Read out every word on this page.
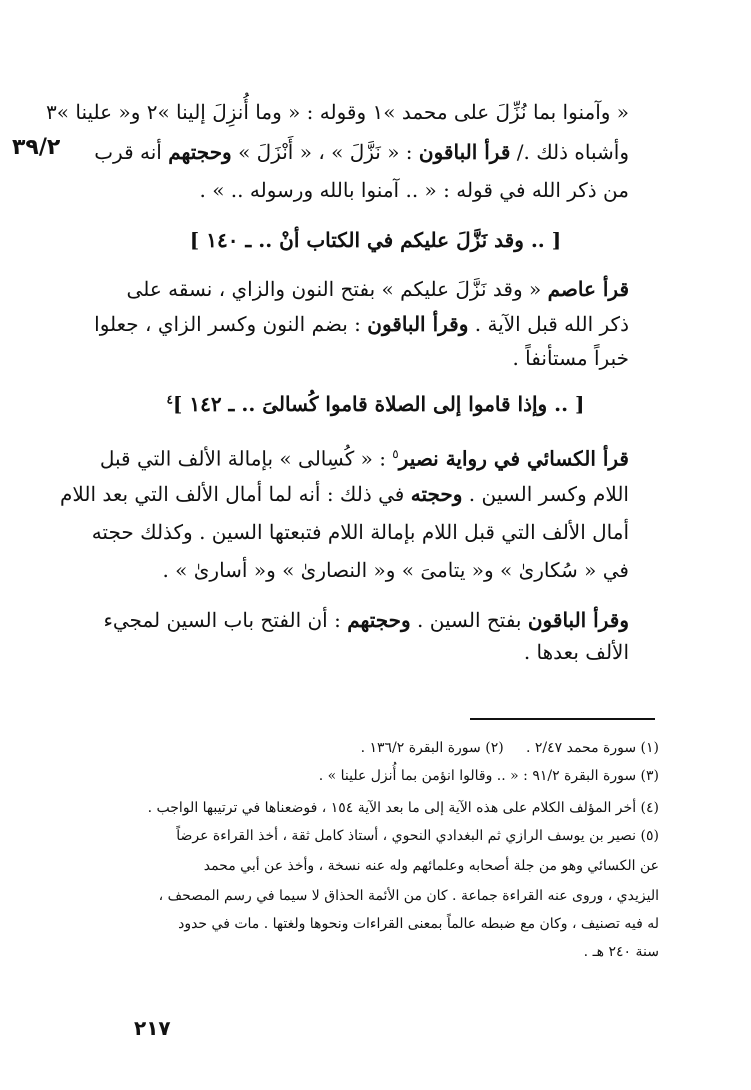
٣٩/٢
« وآمنوا بما نُزِّلَ على محمد »١ وقوله : « وما أُنزِلَ إلينا »٢ و« علينا »٣
وأشباه ذلك ./ قرأ الباقون : « نَزَّلَ » ، « أَنْزَلَ » وحجتهم أنه قرب
من ذكر الله في قوله : « .. آمنوا بالله ورسوله .. » .
[ .. وقد نَزَّلَ عليكم في الكتاب أنْ .. ـ ١٤٠ ]
قرأ عاصم « وقد نَزَّلَ عليكم » بفتح النون والزاي ، نسقه على
ذكر الله قبل الآية . وقرأ الباقون : بضم النون وكسر الزاي ، جعلوا
خبراً مستأنفاً .
[ .. وإذا قاموا إلى الصلاة قاموا كُسالىَ .. ـ ١٤٢ ]$^٤$
قرأ الكسائي في رواية نصير$^٥$ : « كُسِالى » بإمالة الألف التي قبل
اللام وكسر السين . وحجته في ذلك : أنه لما أمال الألف التي بعد اللام
أمال الألف التي قبل اللام بإمالة اللام فتبعتها السين . وكذلك حجته
في « سُكارىٰ » و« يتامىَ » و« النصارىٰ » و« أسارىٰ » .
وقرأ الباقون بفتح السين . وحجتهم : أن الفتح باب السين لمجيء
الألف بعدها .
(١) سورة محمد ٢/٤٧ .     (٢) سورة البقرة ١٣٦/٢ .
(٣) سورة البقرة ٩١/٢ : « .. وقالوا انؤمن بما أُنزل علينا » .
(٤) أخر المؤلف الكلام على هذه الآية إلى ما بعد الآية ١٥٤ ، فوضعناها في ترتيبها الواجب .
(٥) نصير بن يوسف الرازي ثم البغدادي النحوي ، أستاذ كامل ثقة ، أخذ القراءة عرضاً
عن الكسائي وهو من جلة أصحابه وعلمائهم وله عنه نسخة ، وأخذ عن أبي محمد
اليزيدي ، وروى عنه القراءة جماعة . كان من الأئمة الحذاق لا سيما في رسم المصحف ،
له فيه تصنيف ، وكان مع ضبطه عالماً بمعنى القراءات ونحوها ولغتها . مات في حدود
سنة ٢٤٠ هـ .
٢١٧
